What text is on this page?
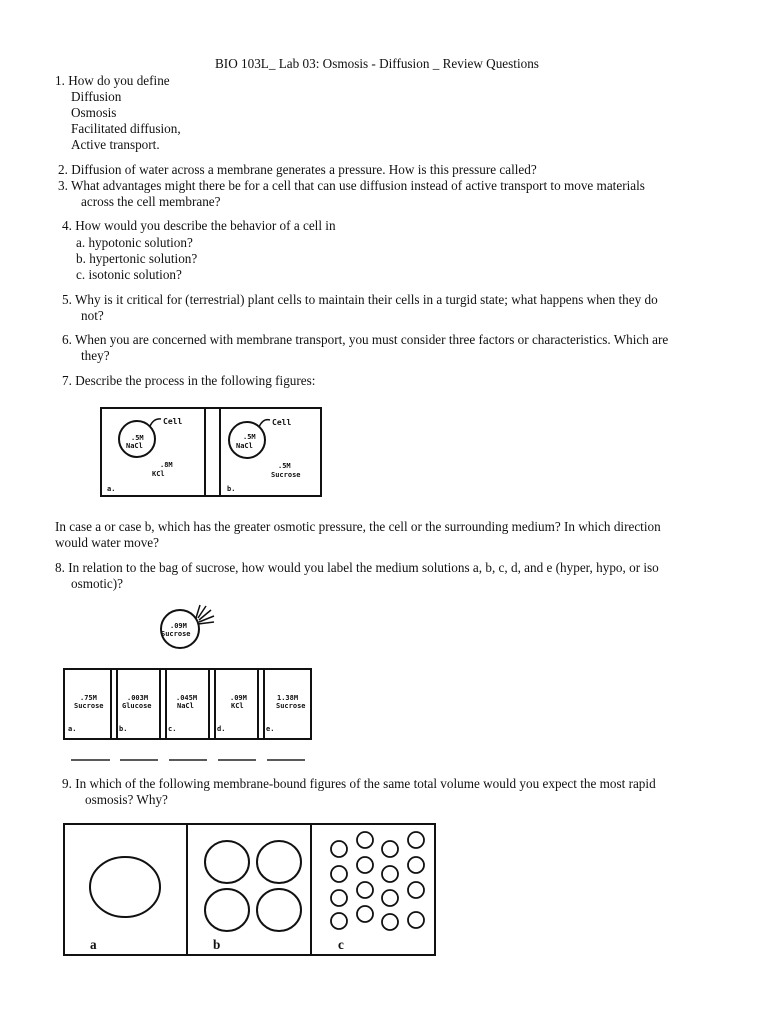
BIO 103L_ Lab 03: Osmosis - Diffusion _ Review Questions
1. How do you define
Diffusion
Osmosis
Facilitated diffusion,
Active transport.
2. Diffusion of water across a membrane generates a pressure. How is this pressure called?
3. What advantages might there be for a cell that can use diffusion instead of active transport to move materials
across the cell membrane?
4. How would you describe the behavior of a cell in
a. hypotonic solution?
b. hypertonic solution?
c. isotonic solution?
5. Why is it critical for (terrestrial) plant cells to maintain their cells in a turgid state; what happens when they do
not?
6. When you are concerned with membrane transport, you must consider three factors or characteristics. Which are
they?
7. Describe the process in the following figures:
Cell
.5M
NaCl
.8M
KCl
a.
Cell
.5M
NaCl
.5M
Sucrose
b.
.09M
Sucrose
.75M
Sucrose
a.
.003M
Glucose
b.
.045M
NaCl
c.
.09M
KCl
d.
1.38M
Sucrose
e.
In case a or case b, which has the greater osmotic pressure, the cell or the surrounding medium? In which direction
would water move?
8. In relation to the bag of sucrose, how would you label the medium solutions a, b, c, d, and e (hyper, hypo, or iso
osmotic)?
9. In which of the following membrane-bound figures of the same total volume would you expect the most rapid
osmosis? Why?
a	b	c
